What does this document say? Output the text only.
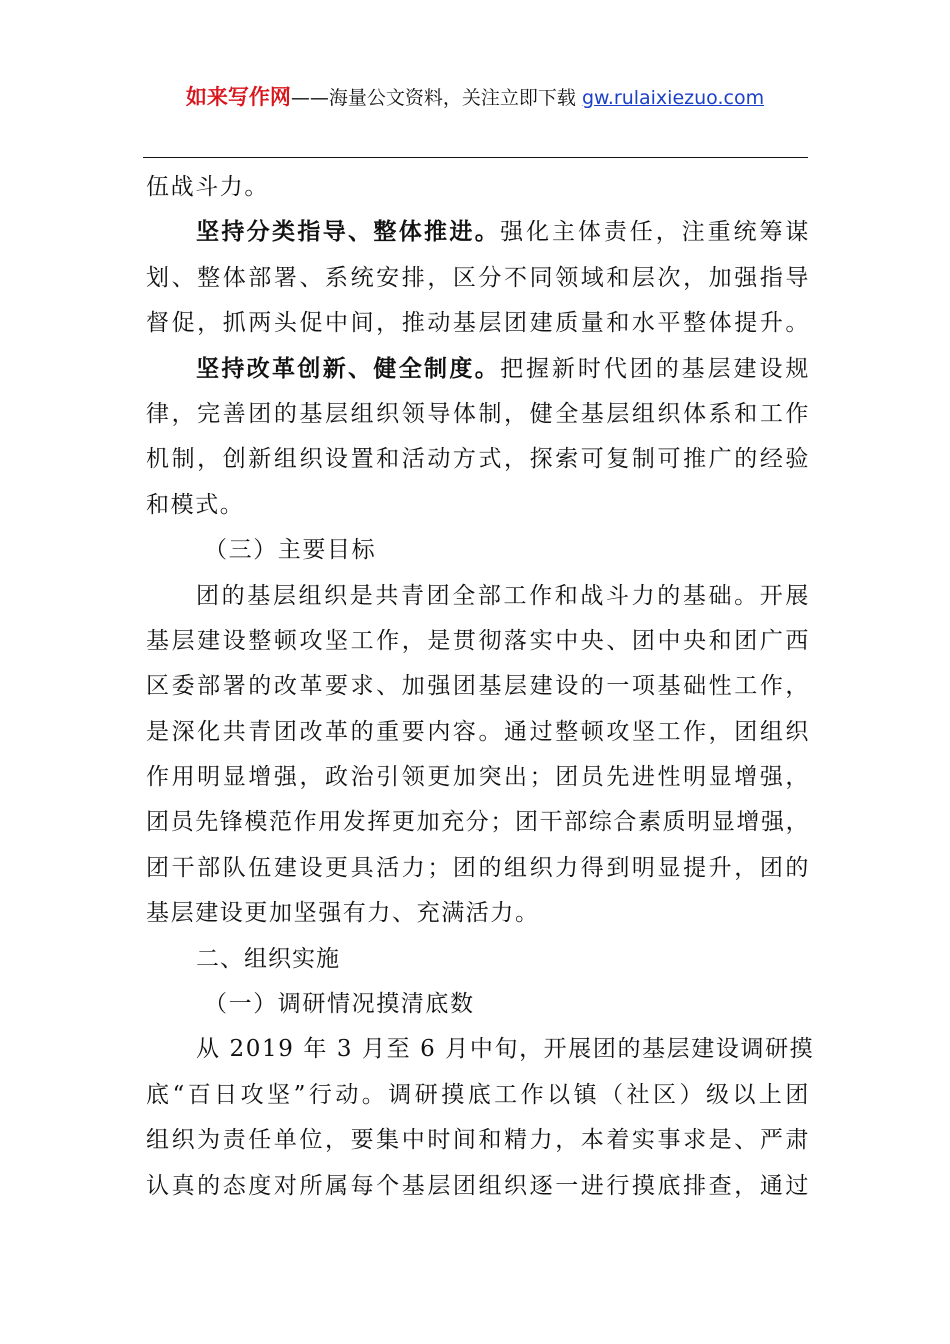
如来写作网——海量公文资料，关注立即下载 gw.rulaixiezuo.com
伍战斗力。
坚持分类指导、整体推进。强化主体责任，注重统筹谋
划、整体部署、系统安排，区分不同领域和层次，加强指导
督促，抓两头促中间，推动基层团建质量和水平整体提升。
坚持改革创新、健全制度。把握新时代团的基层建设规
律，完善团的基层组织领导体制，健全基层组织体系和工作
机制，创新组织设置和活动方式，探索可复制可推广的经验
和模式。
（三）主要目标
团的基层组织是共青团全部工作和战斗力的基础。开展
基层建设整顿攻坚工作，是贯彻落实中央、团中央和团广西
区委部署的改革要求、加强团基层建设的一项基础性工作，
是深化共青团改革的重要内容。通过整顿攻坚工作，团组织
作用明显增强，政治引领更加突出；团员先进性明显增强，
团员先锋模范作用发挥更加充分；团干部综合素质明显增强，
团干部队伍建设更具活力；团的组织力得到明显提升，团的
基层建设更加坚强有力、充满活力。
二、组织实施
（一）调研情况摸清底数
从 2019 年 3 月至 6 月中旬，开展团的基层建设调研摸
底“百日攻坚”行动。调研摸底工作以镇（社区）级以上团
组织为责任单位，要集中时间和精力，本着实事求是、严肃
认真的态度对所属每个基层团组织逐一进行摸底排查，通过
